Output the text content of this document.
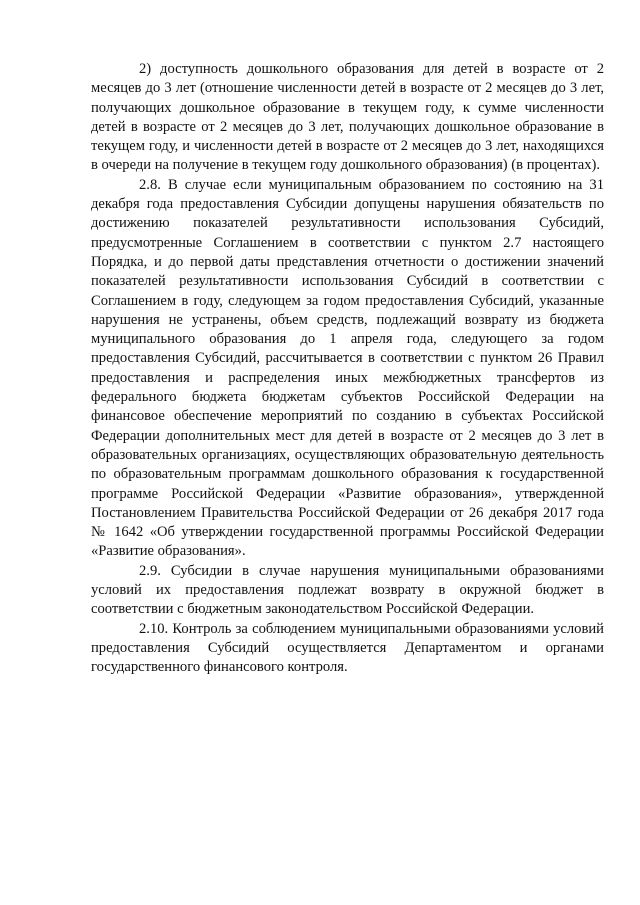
2) доступность дошкольного образования для детей в возрасте от 2 месяцев до 3 лет (отношение численности детей в возрасте от 2 месяцев до 3 лет, получающих дошкольное образование в текущем году, к сумме численности детей в возрасте от 2 месяцев до 3 лет, получающих дошкольное образование в текущем году, и численности детей в возрасте от 2 месяцев до 3 лет, находящихся в очереди на получение в текущем году дошкольного образования) (в процентах).

2.8. В случае если муниципальным образованием по состоянию на 31 декабря года предоставления Субсидии допущены нарушения обязательств по достижению показателей результативности использования Субсидий, предусмотренные Соглашением в соответствии с пунктом 2.7 настоящего Порядка, и до первой даты представления отчетности о достижении значений показателей результативности использования Субсидий в соответствии с Соглашением в году, следующем за годом предоставления Субсидий, указанные нарушения не устранены, объем средств, подлежащий возврату из бюджета муниципального образования до 1 апреля года, следующего за годом предоставления Субсидий, рассчитывается в соответствии с пунктом 26 Правил предоставления и распределения иных межбюджетных трансфертов из федерального бюджета бюджетам субъектов Российской Федерации на финансовое обеспечение мероприятий по созданию в субъектах Российской Федерации дополнительных мест для детей в возрасте от 2 месяцев до 3 лет в образовательных организациях, осуществляющих образовательную деятельность по образовательным программам дошкольного образования к государственной программе Российской Федерации «Развитие образования», утвержденной Постановлением Правительства Российской Федерации от 26 декабря 2017 года № 1642 «Об утверждении государственной программы Российской Федерации «Развитие образования».

2.9. Субсидии в случае нарушения муниципальными образованиями условий их предоставления подлежат возврату в окружной бюджет в соответствии с бюджетным законодательством Российской Федерации.

2.10. Контроль за соблюдением муниципальными образованиями условий предоставления Субсидий осуществляется Департаментом и органами государственного финансового контроля.
